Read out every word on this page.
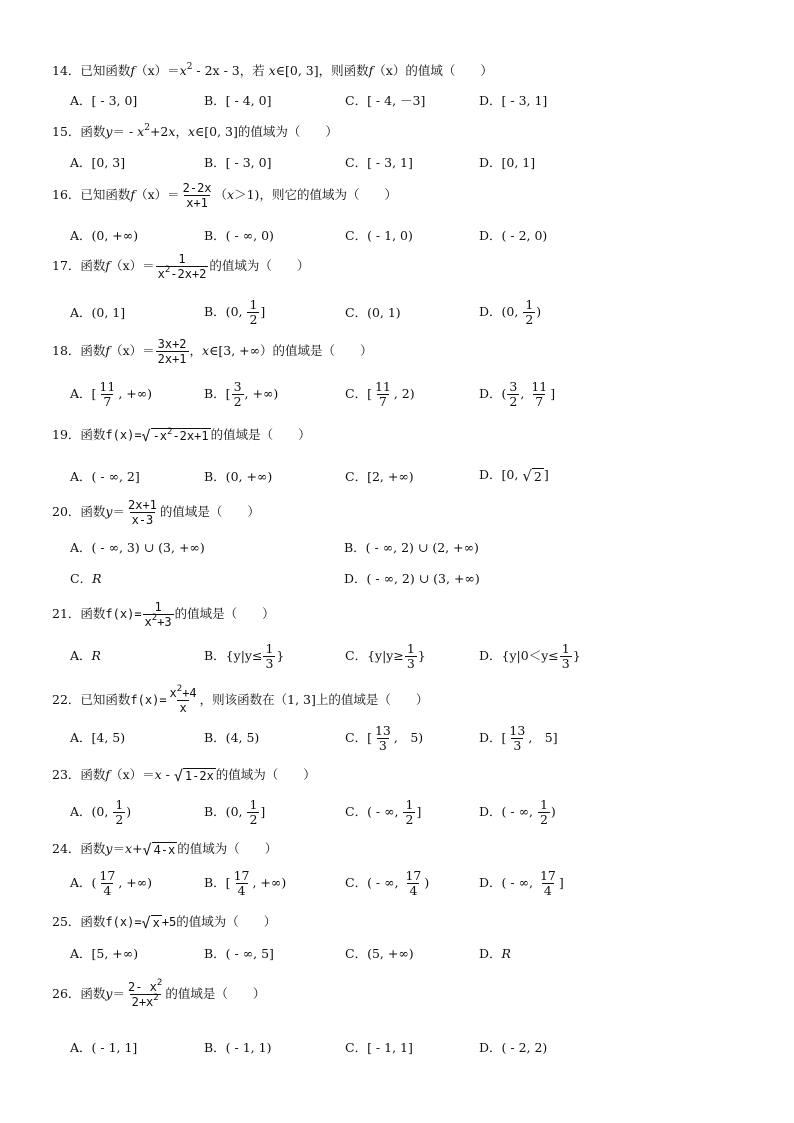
14．已知函数$f(x)=x^2 - 2x - 3$，若 x∈[0, 3]，则函数f（x）的值域（　　）
A．[ - 3, 0]	B．[ - 4, 0]	C．[ - 4, －3]	D．[ - 3, 1]
15．函数$y= - x^2+2x$，x∈[0, 3]的值域为（　　）
A．[0, 3]	B．[ - 3, 0]	C．[ - 3, 1]	D．[0, 1]
16．已知函数$f(x)= \frac{2-2x}{x+1} (x>1)$，则它的值域为（　　）
A．(0, +∞)	B．( - ∞, 0)	C．( - 1, 0)	D．( - 2, 0)
17．函数$f(x)= \frac{1}{x^2-2x+2}$ 的值域为（　　）
A．(0, 1]	B．(0, $\frac{1}{2}$ ]	C．(0, 1)	D．(0, $\frac{1}{2}$ )
18．函数$f(x)= \frac{3x+2}{2x+1}$ ，x∈[3, +∞）的值域是（　　）
A．[ $\frac{11}{7}$ , +∞)	B．[ $\frac{3}{2}$ , +∞)	C．[ $\frac{11}{7}$ , 2)	D．( $\frac{3}{2}$ , $\frac{11}{7}$ ]
19．函数f(x)= √ $-x^2-2x+1$ 的值域是（　　）
A．( - ∞, 2]	B．(0, +∞)	C．[2, +∞)	D．[0, √ 2 ]
20．函数$y= \frac{2x+1}{x-3}$ 的值域是（　　）
A．( - ∞, 3) ∪ (3, +∞)	B．( - ∞, 2) ∪ (2, +∞)
C．R	D．( - ∞, 2) ∪ (3, +∞)
21．函数$f(x)= \frac{1}{x^2+3}$ 的值域是（　　）
A．R	B．{$y|y\le \frac{1}{3}$ }	C．{$y|y\ge \frac{1}{3}$ }	D．{$y|0<y\le \frac{1}{3}$ }
22．已知函数$f(x)= \frac{x^2+4}{x}$ ，则该函数在（1, 3]上的值域是（　　）
A．[4, 5)	B．(4, 5)	C．[ $\frac{13}{3}$ ,　5)	D．[ $\frac{13}{3}$ ,　5]
23．函数f（x）＝x - √ 1-2x 的值域为（　　）
A．(0, $\frac{1}{2}$ )	B．(0, $\frac{1}{2}$ ]	C．( - ∞, $\frac{1}{2}$ ]	D．( - ∞, $\frac{1}{2}$ )
24．函数y＝x+ √ 4-x 的值域为（　　）
A．( $\frac{17}{4}$ , +∞)	B．[ $\frac{17}{4}$ , +∞)	C．( - ∞, $\frac{17}{4}$ )	D．( - ∞, $\frac{17}{4}$ ]
25．函数f(x)= √ x +5的值域为（　　）
A．[5, +∞)	B．( - ∞, 5]	C．(5, +∞)	D．R
26．函数$y= \frac{2- x^2}{2+x^2}$ 的值域是（　　）
A．( - 1, 1]	B．( - 1, 1)	C．[ - 1, 1]	D．( - 2, 2)
